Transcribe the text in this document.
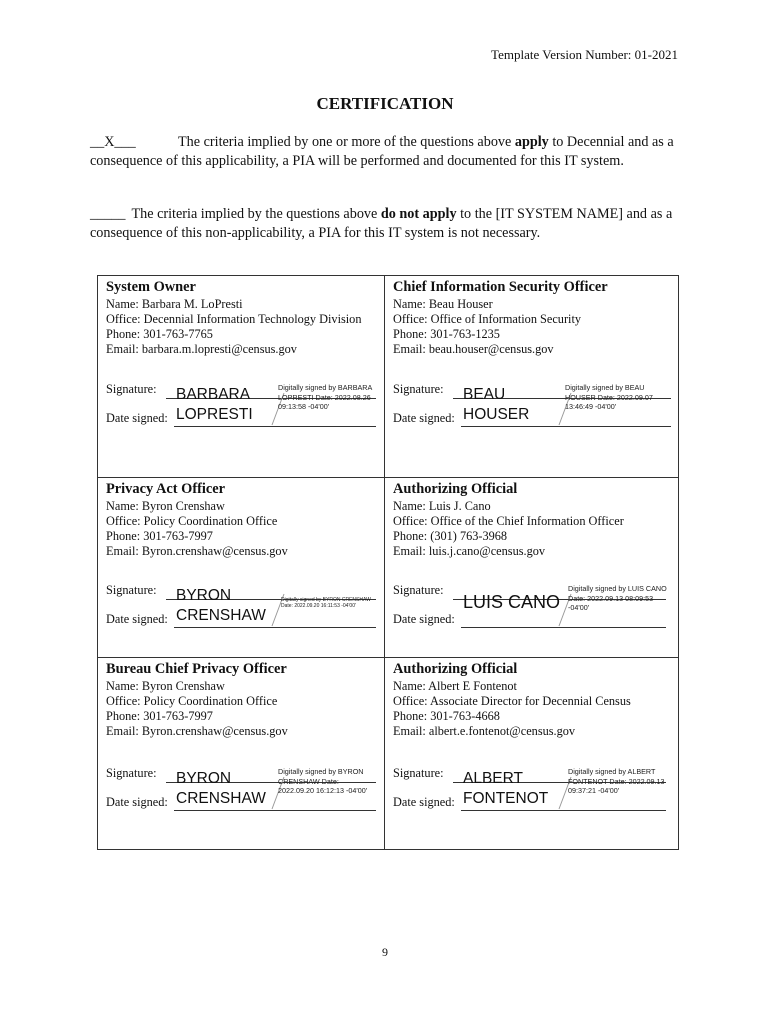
Template Version Number: 01-2021
CERTIFICATION
__X___	The criteria implied by one or more of the questions above apply to Decennial and as a consequence of this applicability, a PIA will be performed and documented for this IT system.
_____ The criteria implied by the questions above do not apply to the [IT SYSTEM NAME] and as a consequence of this non-applicability, a PIA for this IT system is not necessary.
System Owner
Name: Barbara M. LoPresti
Office: Decennial Information Technology Division
Phone: 301-763-7765
Email: barbara.m.lopresti@census.gov
Signature:
Date signed:
BARBARA LOPRESTI
Digitally signed by BARBARA LOPRESTI Date: 2022.08.26 09:13:58 -04'00'
Chief Information Security Officer
Name: Beau Houser
Office: Office of Information Security
Phone: 301-763-1235
Email: beau.houser@census.gov
Signature:
Date signed:
BEAU HOUSER
Digitally signed by BEAU HOUSER Date: 2022.09.07 13:46:49 -04'00'
Privacy Act Officer
Name: Byron Crenshaw
Office: Policy Coordination Office
Phone: 301-763-7997
Email: Byron.crenshaw@census.gov
Signature:
Date signed:
BYRON CRENSHAW
Digitally signed by BYRON CRENSHAW Date: 2022.09.20 16:11:53 -04'00'
Authorizing Official
Name: Luis J. Cano
Office: Office of the Chief Information Officer
Phone: (301) 763-3968
Email: luis.j.cano@census.gov
Signature:
Date signed:
LUIS CANO
Digitally signed by LUIS CANO Date: 2022.09.13 08:09:53 -04'00'
Bureau Chief Privacy Officer
Name: Byron Crenshaw
Office: Policy Coordination Office
Phone: 301-763-7997
Email: Byron.crenshaw@census.gov
Signature:
Date signed:
BYRON CRENSHAW
Digitally signed by BYRON CRENSHAW Date: 2022.09.20 16:12:13 -04'00'
Authorizing Official
Name: Albert E Fontenot
Office: Associate Director for Decennial Census
Phone: 301-763-4668
Email: albert.e.fontenot@census.gov
Signature:
Date signed:
ALBERT FONTENOT
Digitally signed by ALBERT FONTENOT Date: 2022.09.13 09:37:21 -04'00'
9
